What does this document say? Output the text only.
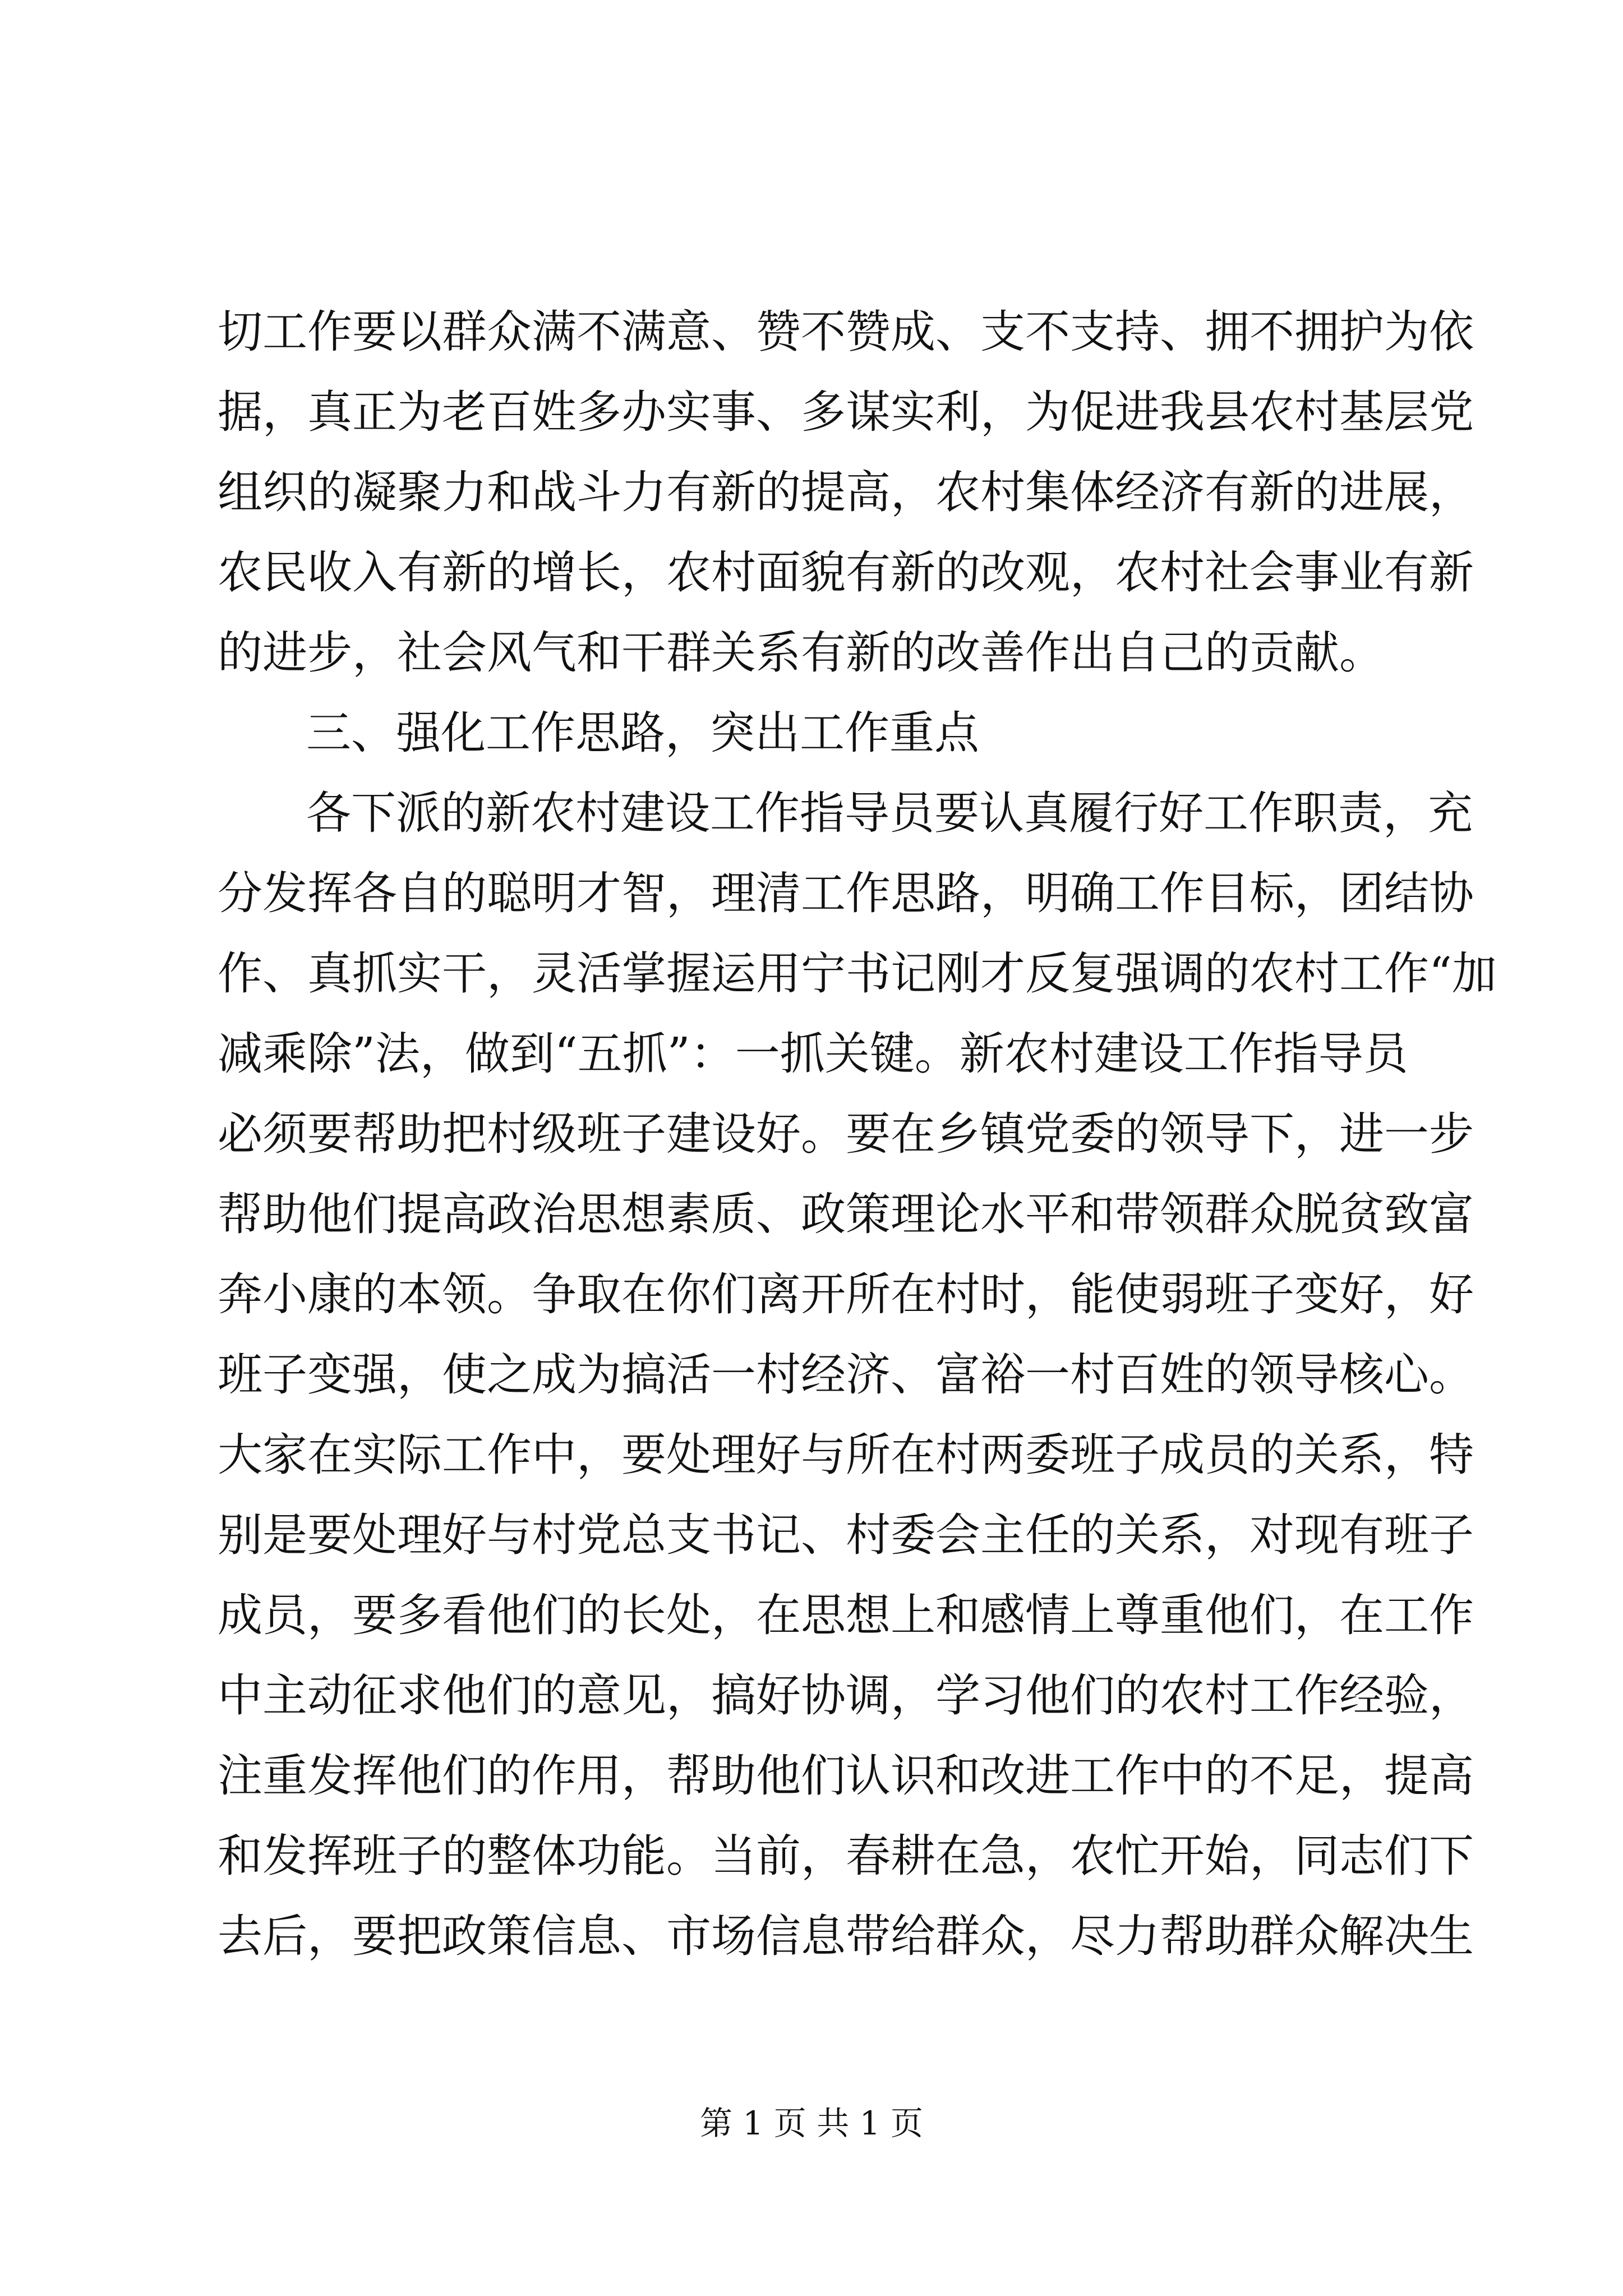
切工作要以群众满不满意、赞不赞成、支不支持、拥不拥护为依
据，真正为老百姓多办实事、多谋实利，为促进我县农村基层党
组织的凝聚力和战斗力有新的提高，农村集体经济有新的进展，
农民收入有新的增长，农村面貌有新的改观，农村社会事业有新
的进步，社会风气和干群关系有新的改善作出自己的贡献。
三、强化工作思路，突出工作重点
各下派的新农村建设工作指导员要认真履行好工作职责，充
分发挥各自的聪明才智，理清工作思路，明确工作目标，团结协
作、真抓实干，灵活掌握运用宁书记刚才反复强调的农村工作“加
减乘除”法，做到“五抓”：一抓关键。新农村建设工作指导员
必须要帮助把村级班子建设好。要在乡镇党委的领导下，进一步
帮助他们提高政治思想素质、政策理论水平和带领群众脱贫致富
奔小康的本领。争取在你们离开所在村时，能使弱班子变好，好
班子变强，使之成为搞活一村经济、富裕一村百姓的领导核心。
大家在实际工作中，要处理好与所在村两委班子成员的关系，特
别是要处理好与村党总支书记、村委会主任的关系，对现有班子
成员，要多看他们的长处，在思想上和感情上尊重他们，在工作
中主动征求他们的意见，搞好协调，学习他们的农村工作经验，
注重发挥他们的作用，帮助他们认识和改进工作中的不足，提高
和发挥班子的整体功能。当前，春耕在急，农忙开始，同志们下
去后，要把政策信息、市场信息带给群众，尽力帮助群众解决生
第 1 页 共 1 页
